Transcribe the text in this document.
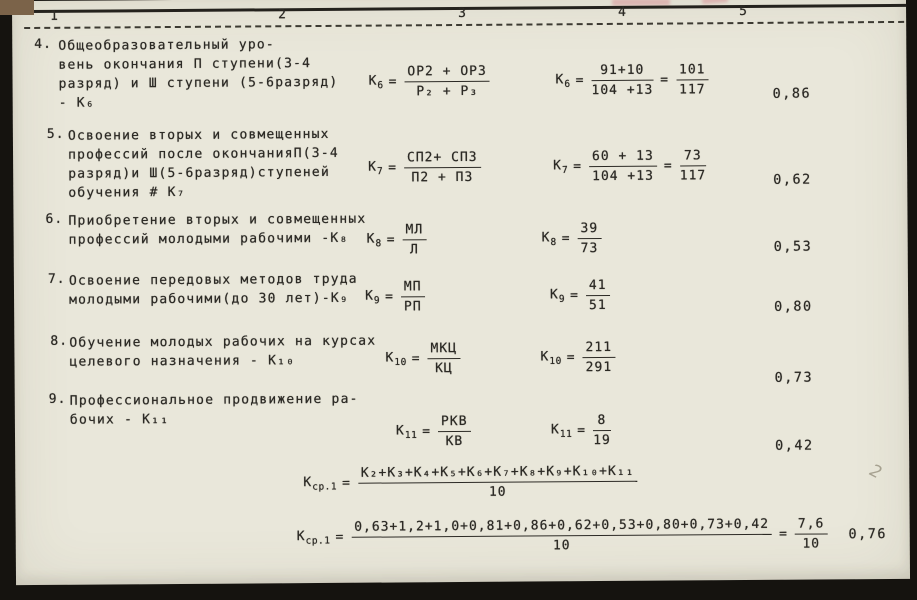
2
1	2	3	4	5
4. Общеобразовательный уро-
вень окончания П ступени(3-4
разряд) и Ш ступени (5-6разряд)
- К₆
$К_6 = \frac{ОР2 + ОР3}{\text{Р₂ + Р₃}}$	$К_6 = \frac{91+10}{104 +13} = \frac{101}{117}$	0,86
5. Освоение вторых и совмещенных
профессий после окончанияП(3-4
разряд)и Ш(5-6разряд)ступеней
обучения # К₇
$К_7 = \frac{СП2+ СП3}{П2 + П3}$	$К_7 = \frac{60 + 13}{104 +13} = \frac{73}{117}$	0,62
6. Приобретение вторых и совмещенных
профессий молодыми рабочими -К₈	$К_8 = \frac{МЛ}{Л}$	$К_8 = \frac{39}{73}$	0,53
7. Освоение передовых методов труда
молодыми рабочими(до 30 лет)-К₉	$К_9 = \frac{МП}{РП}$	$К_9 = \frac{41}{51}$	0,80
8. Обучение молодых рабочих на курсах
целевого назначения - К₁₀	$К_{10} = \frac{\text{МКЦ}}{КЦ}$	$К_{10} = \frac{211}{291}$
0,73
9. Профессиональное продвижение ра-
бочих - К₁₁
$К_{11} = \frac{\text{РКВ}}{КВ}$	$К_{11} = \frac{8}{19}$	0,42
$К_{ср.1} = \frac{\text{К₂+К₃+К₄+К₅+К₆+К₇+К₈+К₉+К₁₀+К₁₁}}{10}$
$К_{ср.1} = \frac{0,63+1,2+1,0+0,81+0,86+0,62+0,53+0,80+0,73+0,42}{10} = \frac{7,6}{10} 0,76$
